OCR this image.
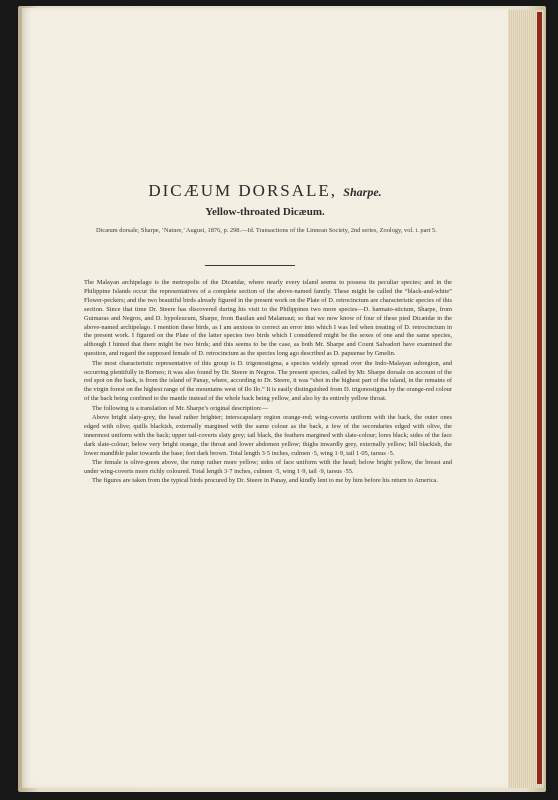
DICÆUM DORSALE, Sharpe.
Yellow-throated Dicæum.

Dicæum dorsale, Sharpe, ‘Nature,’ August, 1876, p. 298.—Id. Transactions of the Linnean Society, 2nd series, Zoology, vol. i. part 5.

The Malayan archipelago is the metropolis of the Dicæidæ, where nearly every island seems to possess its peculiar species; and in the Philippine Islands occur the representatives of a complete section of the above-named family. These might be called the “black-and-white” Flower-peckers; and the two beautiful birds already figured in the present work on the Plate of D. retrocinctum are characteristic species of this section. Since that time Dr. Steere has discovered during his visit to the Philippines two more species—D. hæmato-stictum, Sharpe, from Guimaras and Negros, and D. hypoleucum, Sharpe, from Basilan and Malamaui; so that we now know of four of these pied Dicæidæ in the above-named archipelago. I mention these birds, as I am anxious to correct an error into which I was led when treating of D. retrocinctum in the present work. I figured on the Plate of the latter species two birds which I considered might be the sexes of one and the same species, although I hinted that there might be two birds; and this seems to be the case, as both Mr. Sharpe and Count Salvadori have examined the question, and regard the supposed female of D. retrocinctum as the species long ago described as D. papuense by Gmelin.

The most characteristic representative of this group is D. trigonostigma, a species widely spread over the Indo-Malayan subregion, and occurring plentifully in Borneo; it was also found by Dr. Steere in Negros. The present species, called by Mr. Sharpe dorsale on account of the red spot on the back, is from the island of Panay, where, according to Dr. Steere, it was “shot in the highest part of the island, in the remains of the virgin forest on the highest range of the mountains west of Ilo Ilo.” It is easily distinguished from D. trigonostigma by the orange-red colour of the back being confined to the mantle instead of the whole back being yellow, and also by its entirely yellow throat.

The following is a translation of Mr. Sharpe’s original description:—

Above bright slaty-grey, the head rather brighter; interscapulary region orange-red; wing-coverts uniform with the back, the outer ones edged with olive; quills blackish, externally margined with the same colour as the back, a few of the secondaries edged with olive, the innermost uniform with the back; upper tail-coverts slaty grey; tail black, the feathers margined with slate-colour; lores black; sides of the face dark slate-colour; below very bright orange, the throat and lower abdomen yellow; thighs inwardly grey, externally yellow; bill blackish, the lower mandible paler towards the base; feet dark brown. Total length 3·5 inches, culmen ·5, wing 1·9, tail 1·05, tarsus ·5.

The female is olive-green above, the rump rather more yellow; sides of face uniform with the head; below bright yellow, the breast and under wing-coverts more richly coloured. Total length 3·7 inches, culmen ·5, wing 1·9, tail ·9, tarsus ·55.

The figures are taken from the typical birds procured by Dr. Steere in Panay, and kindly lent to me by him before his return to America.
